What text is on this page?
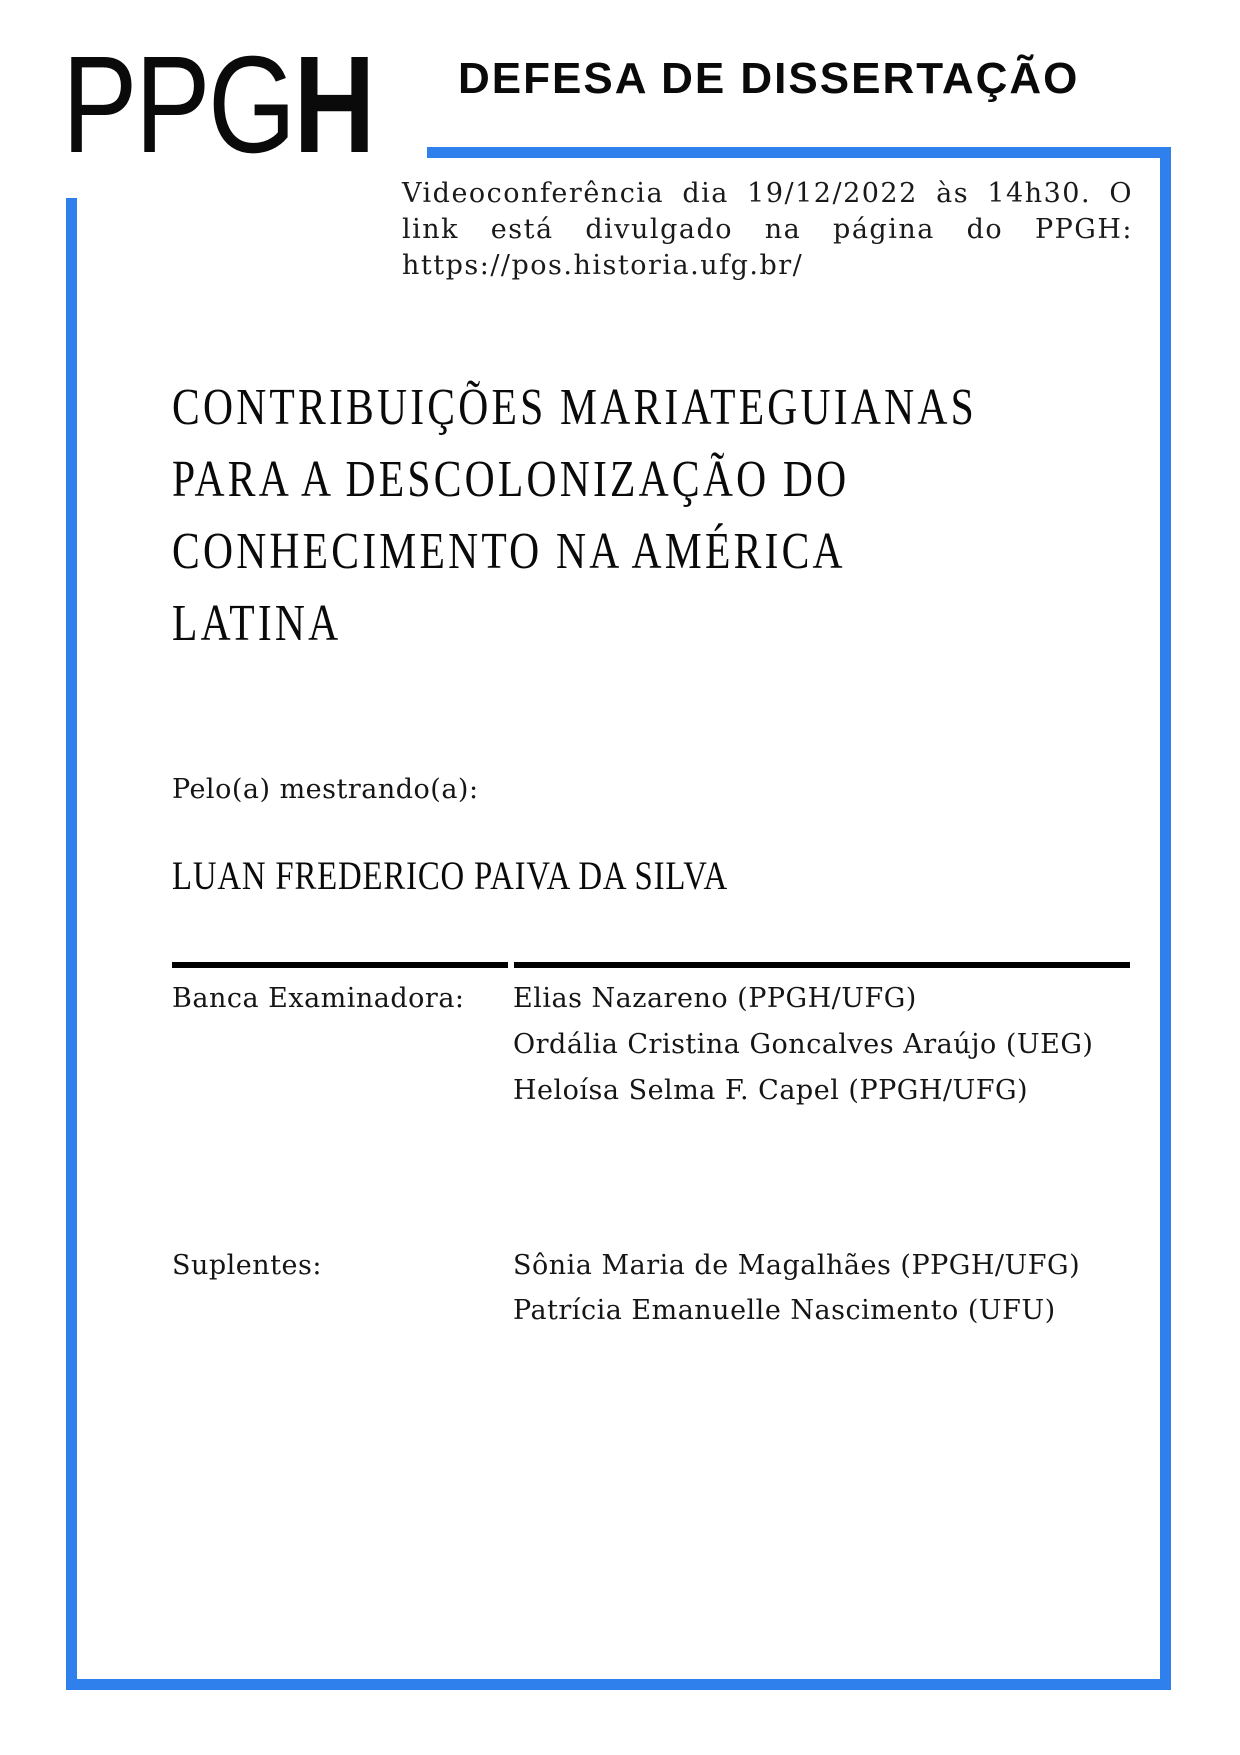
PPGH DEFESA DE DISSERTAÇÃO
Videoconferência dia 19/12/2022 às 14h30. O
link está divulgado na página do PPGH:
https://pos.historia.ufg.br/
CONTRIBUIÇÕES MARIATEGUIANAS
PARA A DESCOLONIZAÇÃO DO
CONHECIMENTO NA AMÉRICA
LATINA
Pelo(a) mestrando(a):
LUAN FREDERICO PAIVA DA SILVA
Banca Examinadora: Elias Nazareno (PPGH/UFG)
Ordália Cristina Goncalves Araújo (UEG)
Heloísa Selma F. Capel (PPGH/UFG)
Suplentes:	Sônia Maria de Magalhães (PPGH/UFG)
Patrícia Emanuelle Nascimento (UFU)
